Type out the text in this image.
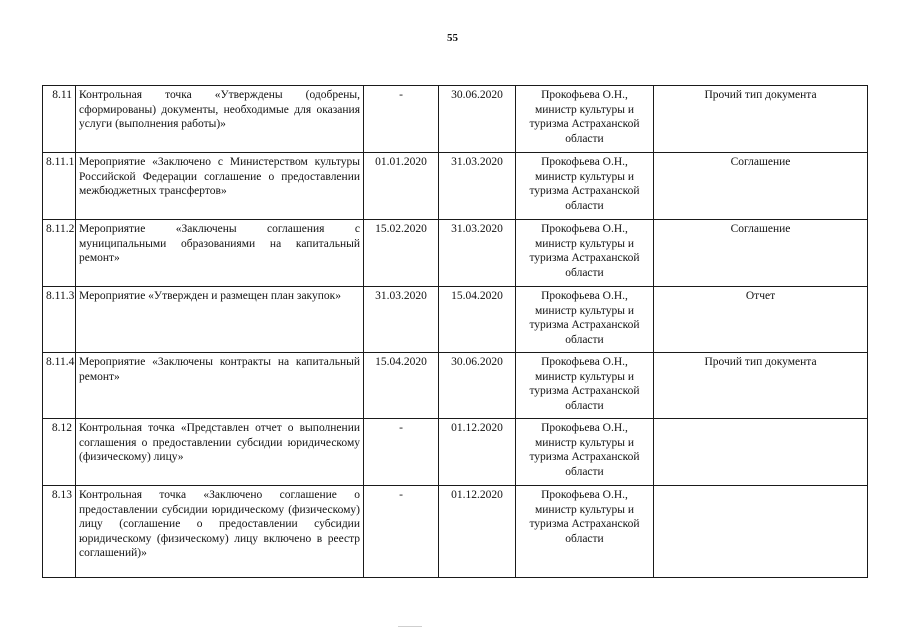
55
8.11	Контрольная точка «Утверждены (одобрены, сформированы) документы, необходимые для оказания услуги (выполнения работы)»	-	30.06.2020	Прокофьева О.Н., министр культуры и туризма Астраханской области	Прочий тип документа
8.11.1	Мероприятие «Заключено с Министерством культуры Российской Федерации соглашение о предоставлении межбюджетных трансфертов»	01.01.2020	31.03.2020	Прокофьева О.Н., министр культуры и туризма Астраханской области	Соглашение
8.11.2	Мероприятие «Заключены соглашения с муниципальными образованиями на капитальный ремонт»	15.02.2020	31.03.2020	Прокофьева О.Н., министр культуры и туризма Астраханской области	Соглашение
8.11.3	Мероприятие «Утвержден и размещен план закупок»	31.03.2020	15.04.2020	Прокофьева О.Н., министр культуры и туризма Астраханской области	Отчет
8.11.4	Мероприятие «Заключены контракты на капитальный ремонт»	15.04.2020	30.06.2020	Прокофьева О.Н., министр культуры и туризма Астраханской области	Прочий тип документа
8.12	Контрольная точка «Представлен отчет о выполнении соглашения о предоставлении субсидии юридическому (физическому) лицу»	-	01.12.2020	Прокофьева О.Н., министр культуры и туризма Астраханской области	
8.13	Контрольная точка «Заключено соглашение о предоставлении субсидии юридическому (физическому) лицу (соглашение о предоставлении субсидии юридическому (физическому) лицу включено в реестр соглашений)»	-	01.12.2020	Прокофьева О.Н., министр культуры и туризма Астраханской области	
